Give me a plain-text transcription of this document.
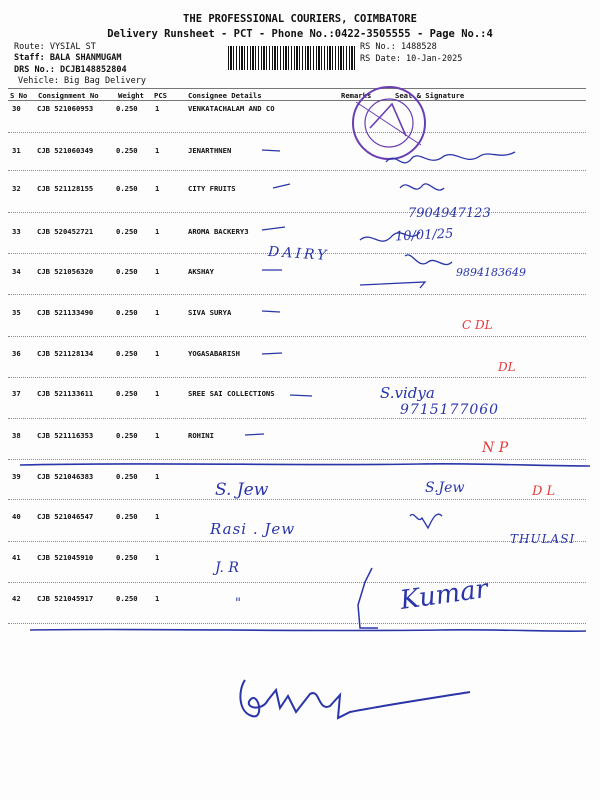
THE PROFESSIONAL COURIERS, COIMBATORE
Delivery Runsheet - PCT - Phone No.:0422-3505555 - Page No.:4
Route: VYSIAL ST
Staff: BALA SHANMUGAM
DRS No.: DCJB148852804
Vehicle: Big Bag Delivery
RS No.: 1488528
RS Date: 10-Jan-2025
S No Consignment No	Weight PCS	Consignee Details	Remarks	Seal & Signature
30 CJB 521060953	0.250 1	VENKATACHALAM AND CO
31 CJB 521060349	0.250 1	JENARTHNEN
32 CJB 521128155	0.250 1	CITY FRUITS
33 CJB 520452721	0.250 1	AROMA BACKERY3
34 CJB 521056320	0.250 1	AKSHAY
35 CJB 521133490	0.250 1	SIVA SURYA
36 CJB 521128134	0.250 1	YOGASABARISH
37 CJB 521133611	0.250 1	SREE SAI COLLECTIONS
38 CJB 521116353	0.250 1	ROHINI
39 CJB 521046383	0.250 1
40 CJB 521046547	0.250 1
41 CJB 521045910	0.250 1
42 CJB 521045917	0.250 1
DAIRY
7904947123
10/01/25
9894183649
C DL
DL
S.vidya
9715177060
N P
S. Jew	S.Jew	D L
Rasi . Jew
THULASI
J. R
"	Kumar
